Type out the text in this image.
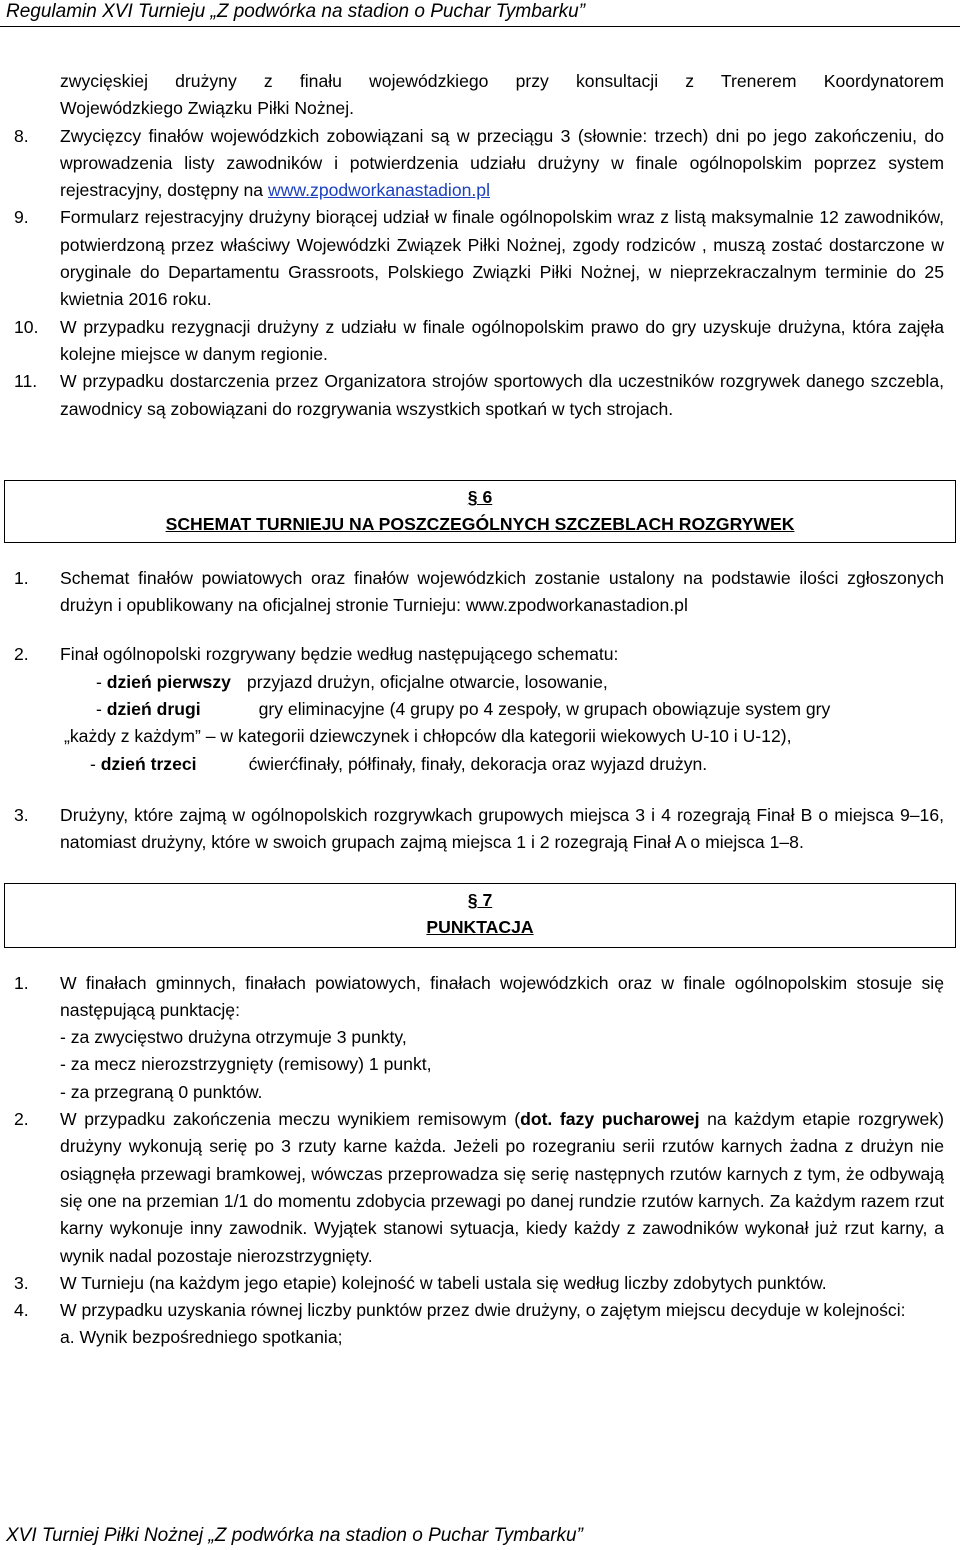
Regulamin XVI Turnieju „Z podwórka na stadion o Puchar Tymbarku”
zwycięskiej drużyny z finału wojewódzkiego przy konsultacji z Trenerem Koordynatorem
Wojewódzkiego Związku Piłki Nożnej.
8. Zwycięzcy finałów wojewódzkich zobowiązani są w przeciągu 3 (słownie: trzech) dni po jego zakończeniu, do wprowadzenia listy zawodników i potwierdzenia udziału drużyny w finale ogólnopolskim poprzez system rejestracyjny, dostępny na www.zpodworkanastadion.pl
9. Formularz rejestracyjny drużyny biorącej udział w finale ogólnopolskim wraz z listą maksymalnie 12 zawodników, potwierdzoną przez właściwy Wojewódzki Związek Piłki Nożnej, zgody rodziców , muszą zostać dostarczone w oryginale do Departamentu Grassroots, Polskiego Związki Piłki Nożnej, w nieprzekraczalnym terminie do 25 kwietnia 2016 roku.
10. W przypadku rezygnacji drużyny z udziału w finale ogólnopolskim prawo do gry uzyskuje drużyna, która zajęła kolejne miejsce w danym regionie.
11. W przypadku dostarczenia przez Organizatora strojów sportowych dla uczestników rozgrywek danego szczebla, zawodnicy są zobowiązani do rozgrywania wszystkich spotkań w tych strojach.
§ 6
SCHEMAT TURNIEJU NA POSZCZEGÓLNYCH SZCZEBLACH ROZGRYWEK
1. Schemat finałów powiatowych oraz finałów wojewódzkich zostanie ustalony na podstawie ilości zgłoszonych drużyn i opublikowany na oficjalnej stronie Turnieju: www.zpodworkanastadion.pl
2. Finał ogólnopolski rozgrywany będzie według następującego schematu:
- dzień pierwszy przyjazd drużyn, oficjalne otwarcie, losowanie,
- dzień drugi	gry eliminacyjne (4 grupy po 4 zespoły, w grupach obowiązuje system gry
„każdy z każdym” – w kategorii dziewczynek i chłopców dla kategorii wiekowych U-10 i U-12),
- dzień trzeci	ćwierćfinały, półfinały, finały, dekoracja oraz wyjazd drużyn.
3. Drużyny, które zajmą w ogólnopolskich rozgrywkach grupowych miejsca 3 i 4 rozegrają Finał B o miejsca 9–16, natomiast drużyny, które w swoich grupach zajmą miejsca 1 i 2 rozegrają Finał A o miejsca 1–8.
§ 7
PUNKTACJA
1. W finałach gminnych, finałach powiatowych, finałach wojewódzkich oraz w finale ogólnopolskim stosuje się następującą punktację:
- za zwycięstwo drużyna otrzymuje 3 punkty,
- za mecz nierozstrzygnięty (remisowy) 1 punkt,
- za przegraną 0 punktów.
2. W przypadku zakończenia meczu wynikiem remisowym (dot. fazy pucharowej na każdym etapie rozgrywek) drużyny wykonują serię po 3 rzuty karne każda. Jeżeli po rozegraniu serii rzutów karnych żadna z drużyn nie osiągnęła przewagi bramkowej, wówczas przeprowadza się serię następnych rzutów karnych z tym, że odbywają się one na przemian 1/1 do momentu zdobycia przewagi po danej rundzie rzutów karnych. Za każdym razem rzut karny wykonuje inny zawodnik. Wyjątek stanowi sytuacja, kiedy każdy z zawodników wykonał już rzut karny, a wynik nadal pozostaje nierozstrzygnięty.
3. W Turnieju (na każdym jego etapie) kolejność w tabeli ustala się według liczby zdobytych punktów.
4. W przypadku uzyskania równej liczby punktów przez dwie drużyny, o zajętym miejscu decyduje w kolejności:
a. Wynik bezpośredniego spotkania;
XVI Turniej Piłki Nożnej „Z podwórka na stadion o Puchar Tymbarku”
